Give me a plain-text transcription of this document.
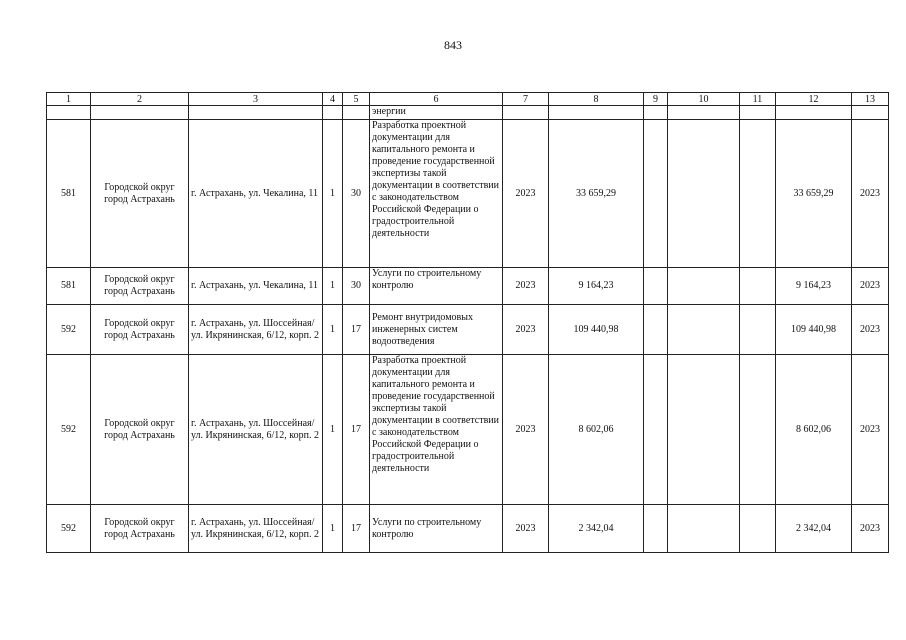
843
1	2	3	4	5	6	7	8	9	10	11	12	13
					энергии							
581	Городской округ город Астрахань	г. Астрахань, ул. Чекалина, 11	1	30	Разработка проектной документации для капитального ремонта и проведение государственной экспертизы такой документации в соответствии с законодательством Российской Федерации о градостроительной деятельности	2023	33 659,29				33 659,29	2023
581	Городской округ город Астрахань	г. Астрахань, ул. Чекалина, 11	1	30	Услуги по строительному контролю	2023	9 164,23				9 164,23	2023
592	Городской округ город Астрахань	г. Астрахань, ул. Шоссейная/ ул. Икрянинская, 6/12, корп. 2	1	17	Ремонт внутридомовых инженерных систем водоотведения	2023	109 440,98				109 440,98	2023
592	Городской округ город Астрахань	г. Астрахань, ул. Шоссейная/ ул. Икрянинская, 6/12, корп. 2	1	17	Разработка проектной документации для капитального ремонта и проведение государственной экспертизы такой документации в соответствии с законодательством Российской Федерации о градостроительной деятельности	2023	8 602,06				8 602,06	2023
592	Городской округ город Астрахань	г. Астрахань, ул. Шоссейная/ ул. Икрянинская, 6/12, корп. 2	1	17	Услуги по строительному контролю	2023	2 342,04				2 342,04	2023
